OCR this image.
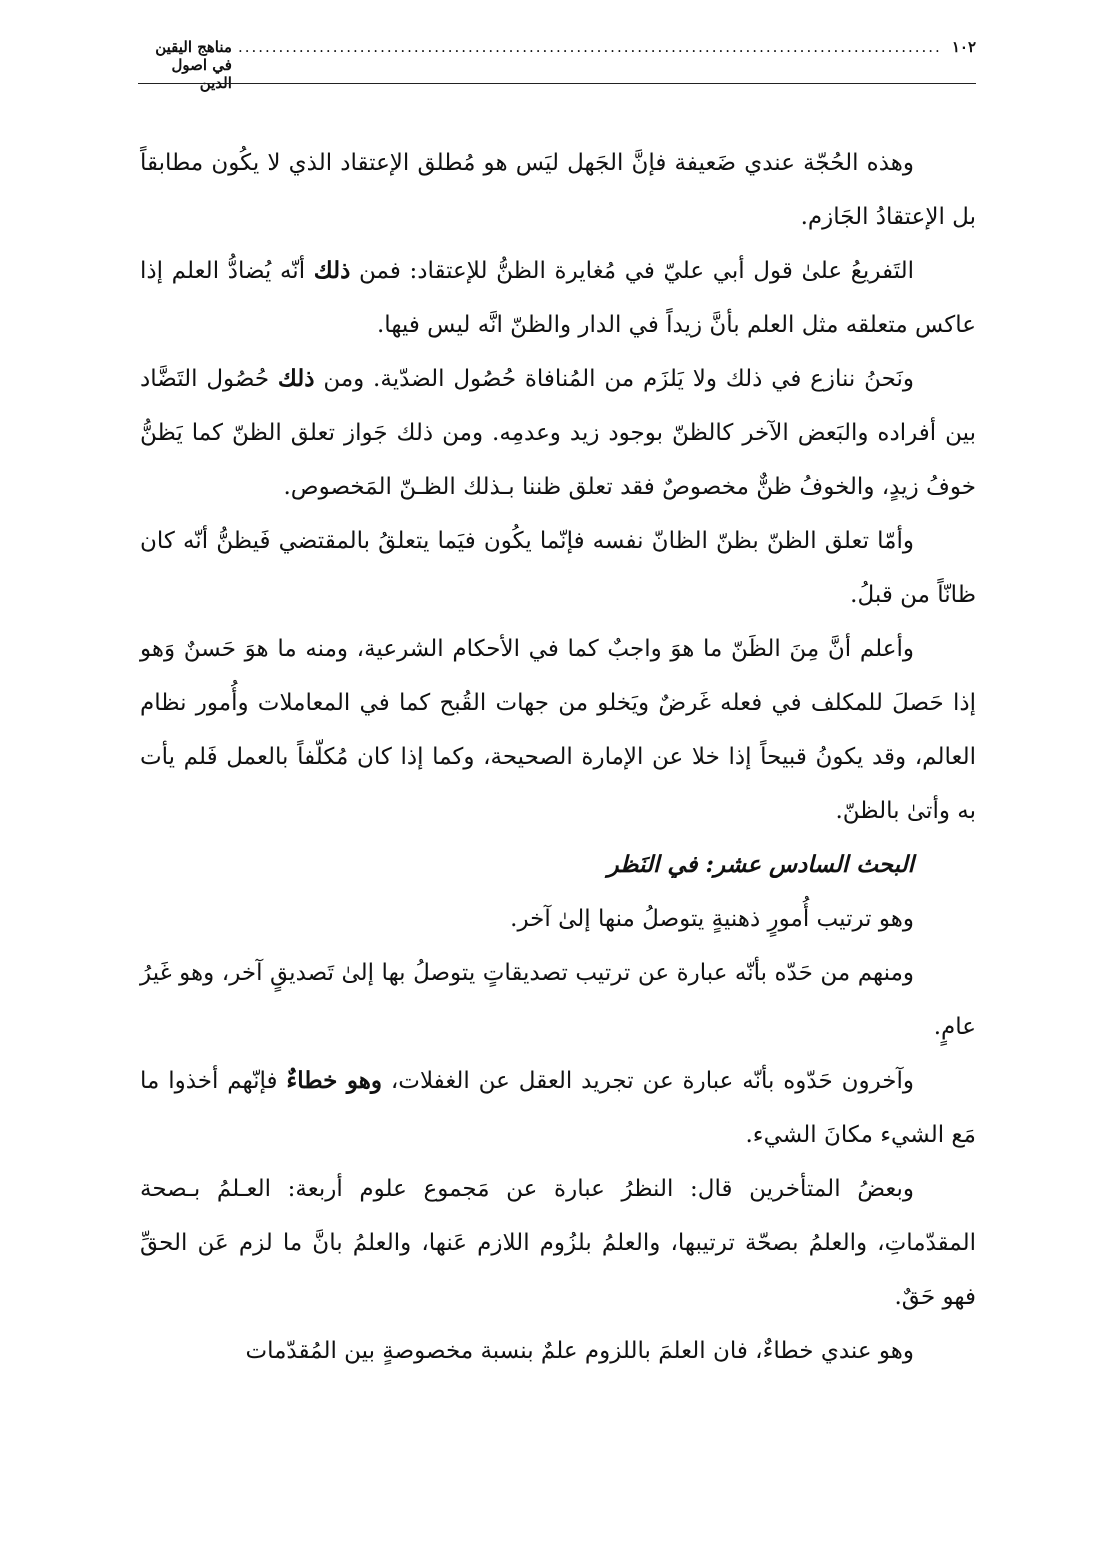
١٠٢
........................................................................................................
مناهج اليقين في اصول الدين

وهذه الحُجّة عندي ضَعيفة فإنَّ الجَهل ليَس هو مُطلق الإعتقاد الذي لا يكُون مطابقاً بل الإعتقادُ الجَازم.

التَفريعُ علىٰ قول أبي عليّ في مُغايرة الظنُّ للإعتقاد: فمن ذلك أنّه يُضادُّ العلم إذا عاكس متعلقه مثل العلم بأنَّ زيداً في الدار والظنّ انَّه ليس فيها.

ونَحنُ ننازع في ذلك ولا يَلزَم من المُنافاة حُصُول الضدّية. ومن ذلك حُصُول التَضَّاد بين أفراده والبَعض الآخر كالظنّ بوجود زيد وعدمِه. ومن ذلك جَواز تعلق الظنّ كما يَظنُّ خوفُ زيدٍ، والخوفُ ظنٌّ مخصوصٌ فقد تعلق ظننا بـذلك الظـنّ المَخصوص.

وأمّا تعلق الظنّ بظنّ الظانّ نفسه فإنّما يكُون فيَما يتعلقُ بالمقتضي فَيظنُّ أنّه كان ظانّاً من قبلُ.

وأعلم أنَّ مِنَ الظَنّ ما هوَ واجبٌ كما في الأحكام الشرعية، ومنه ما هوَ حَسنٌ وَهو إذا حَصلَ للمكلف في فعله غَرضٌ ويَخلو من جهات القُبح كما في المعاملات وأُمور نظام العالم، وقد يكونُ قبيحاً إذا خلا عن الإمارة الصحيحة، وكما إذا كان مُكلّفاً بالعمل فَلم يأت به وأتىٰ بالظنّ.

البحث السادس عشر: في النَظر

وهو ترتيب أُمورٍ ذهنيةٍ يتوصلُ منها إلىٰ آخر.

ومنهم من حَدّه بأنّه عبارة عن ترتيب تصديقاتٍ يتوصلُ بها إلىٰ تَصديقٍ آخر، وهو غَيرُ عامٍ.

وآخرون حَدّوه بأنّه عبارة عن تجريد العقل عن الغفلات، وهو خطاءٌ فإنّهم أخذوا ما مَع الشيء مكانَ الشيء.

وبعضُ المتأخرين قال: النظرُ عبارة عن مَجموع علوم أربعة: العـلمُ بـصحة المقدّماتِ، والعلمُ بصحّة ترتيبها، والعلمُ بلزُوم اللازم عَنها، والعلمُ بانَّ ما لزم عَن الحقِّ فهو حَقٌ.

وهو عندي خطاءٌ، فان العلمَ باللزوم علمٌ بنسبة مخصوصةٍ بين المُقدّمات
